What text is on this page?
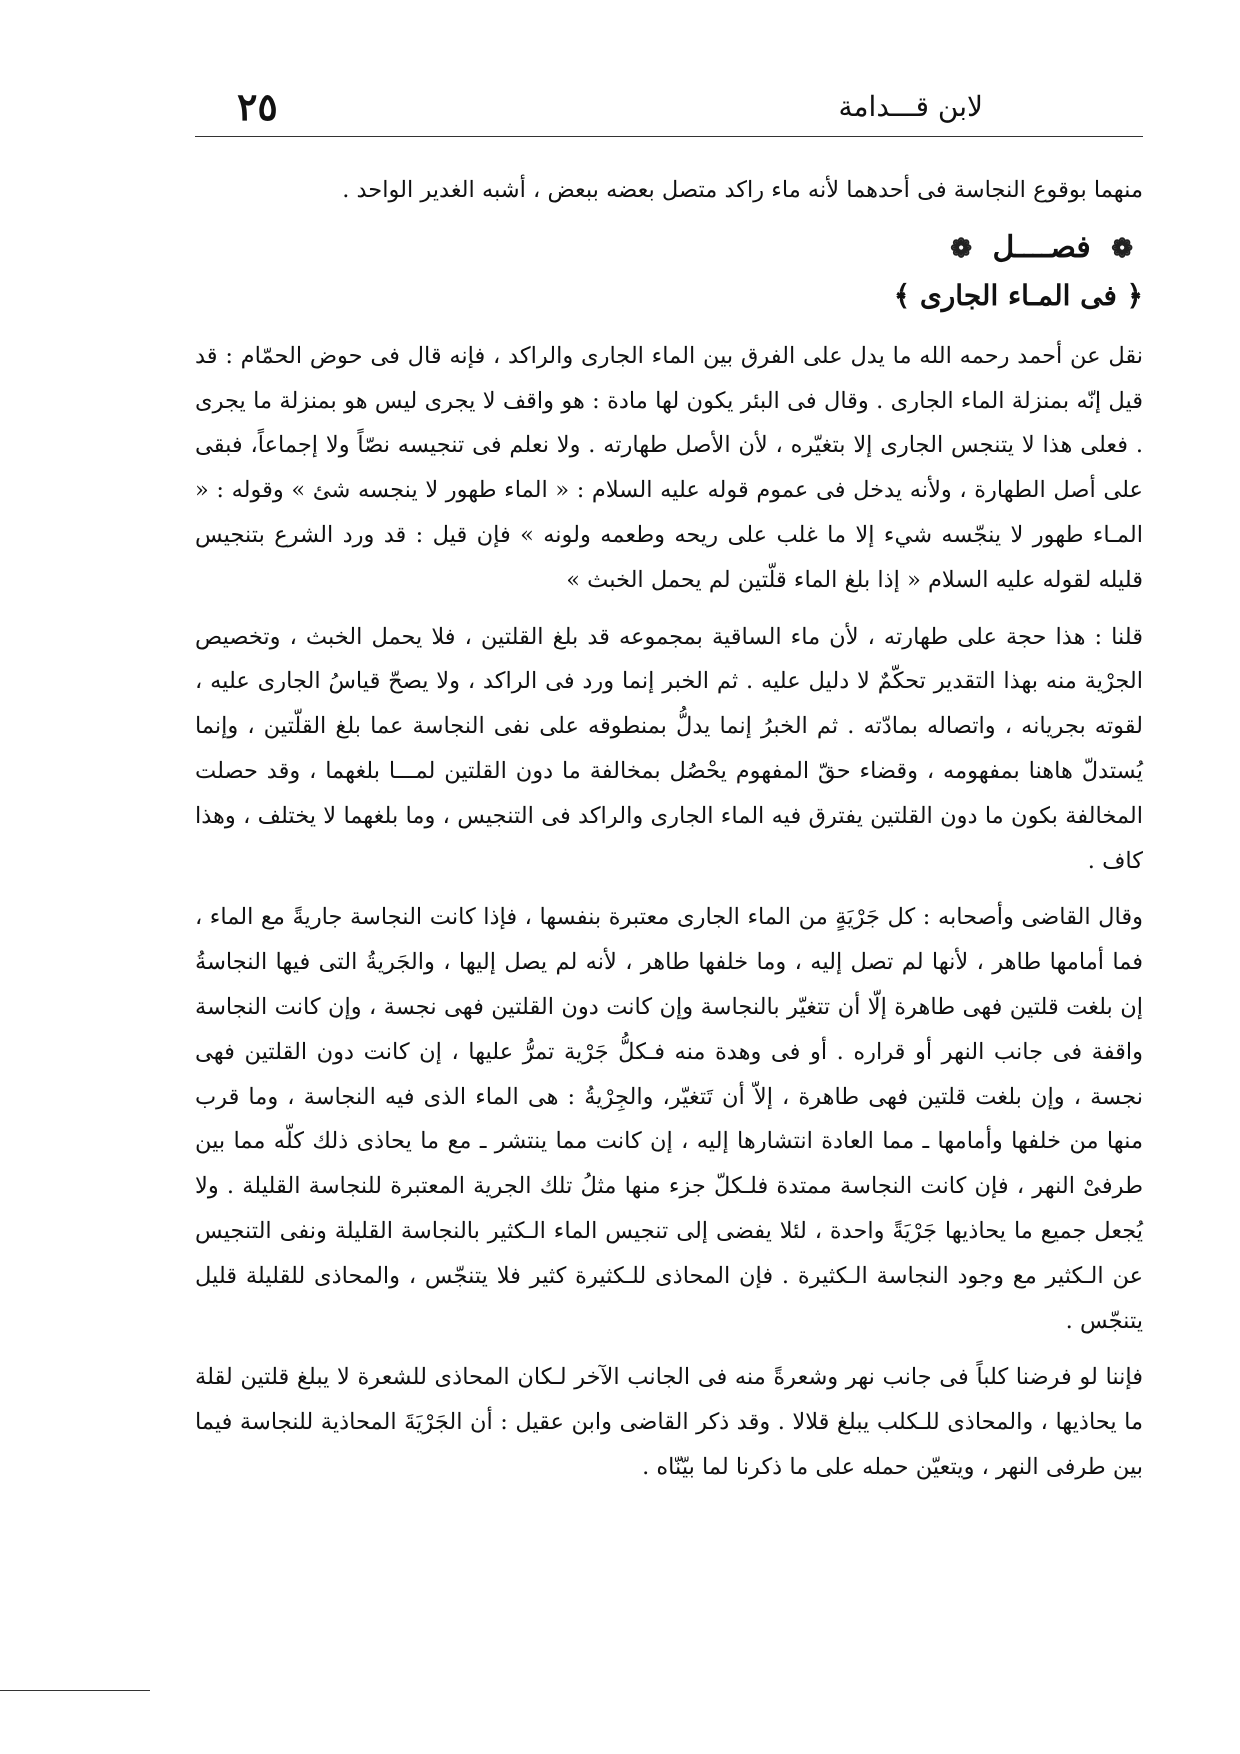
لابن قـــدامة
٢٥

منهما بوقوع النجاسة فى أحدهما لأنه ماء راكد متصل بعضه ببعض ، أشبه الغدير الواحد .

❁ فصــــل ❁
﴿ فى المـاء الجارى ﴾

نقل عن أحمد رحمه الله ما يدل على الفرق بين الماء الجارى والراكد ، فإنه قال فى حوض الحمّام : قد قيل إنّه بمنزلة الماء الجارى . وقال فى البئر يكون لها مادة : هو واقف لا يجرى ليس هو بمنزلة ما يجرى . فعلى هذا لا يتنجس الجارى إلا بتغيّره ، لأن الأصل طهارته . ولا نعلم فى تنجيسه نصّاً ولا إجماعاً، فبقى على أصل الطهارة ، ولأنه يدخل فى عموم قوله عليه السلام : « الماء طهور لا ينجسه شئ » وقوله : « المـاء طهور لا ينجّسه شيء إلا ما غلب على ريحه وطعمه ولونه » فإن قيل : قد ورد الشرع بتنجيس قليله لقوله عليه السلام « إذا بلغ الماء قلّتين لم يحمل الخبث »

قلنا : هذا حجة على طهارته ، لأن ماء الساقية بمجموعه قد بلغ القلتين ، فلا يحمل الخبث ، وتخصيص الجرْية منه بهذا التقدير تحكّمٌ لا دليل عليه . ثم الخبر إنما ورد فى الراكد ، ولا يصحّ قياسُ الجارى عليه ، لقوته بجريانه ، واتصاله بمادّته . ثم الخبرُ إنما يدلُّ بمنطوقه على نفى النجاسة عما بلغ القلّتين ، وإنما يُستدلّ هاهنا بمفهومه ، وقضاء حقّ المفهوم يحْصُل بمخالفة ما دون القلتين لمـــا بلغهما ، وقد حصلت المخالفة بكون ما دون القلتين يفترق فيه الماء الجارى والراكد فى التنجيس ، وما بلغهما لا يختلف ، وهذا كاف .

وقال القاضى وأصحابه : كل جَرْيَةٍ من الماء الجارى معتبرة بنفسها ، فإذا كانت النجاسة جاريةً مع الماء ، فما أمامها طاهر ، لأنها لم تصل إليه ، وما خلفها طاهر ، لأنه لم يصل إليها ، والجَريةُ التى فيها النجاسةُ إن بلغت قلتين فهى طاهرة إلّا أن تتغيّر بالنجاسة وإن كانت دون القلتين فهى نجسة ، وإن كانت النجاسة واقفة فى جانب النهر أو قراره . أو فى وهدة منه فـكلُّ جَرْية تمرُّ عليها ، إن كانت دون القلتين فهى نجسة ، وإن بلغت قلتين فهى طاهرة ، إلاّ أن تَتغيّر، والجِرْيةُ : هى الماء الذى فيه النجاسة ، وما قرب منها من خلفها وأمامها ـ مما العادة انتشارها إليه ، إن كانت مما ينتشر ـ مع ما يحاذى ذلك كلّه مما بين طرفىْ النهر ، فإن كانت النجاسة ممتدة فلـكلّ جزء منها مثلُ تلك الجرية المعتبرة للنجاسة القليلة . ولا يُجعل جميع ما يحاذيها جَرْيَةً واحدة ، لئلا يفضى إلى تنجيس الماء الـكثير بالنجاسة القليلة ونفى التنجيس عن الـكثير مع وجود النجاسة الـكثيرة . فإن المحاذى للـكثيرة كثير فلا يتنجّس ، والمحاذى للقليلة قليل يتنجّس .

فإننا لو فرضنا كلباً فى جانب نهر وشعرةً منه فى الجانب الآخر لـكان المحاذى للشعرة لا يبلغ قلتين لقلة ما يحاذيها ، والمحاذى للـكلب يبلغ قلالا . وقد ذكر القاضى وابن عقيل : أن الجَرْيَةَ المحاذية للنجاسة فيما بين طرفى النهر ، ويتعيّن حمله على ما ذكرنا لما بيّنّاه .
